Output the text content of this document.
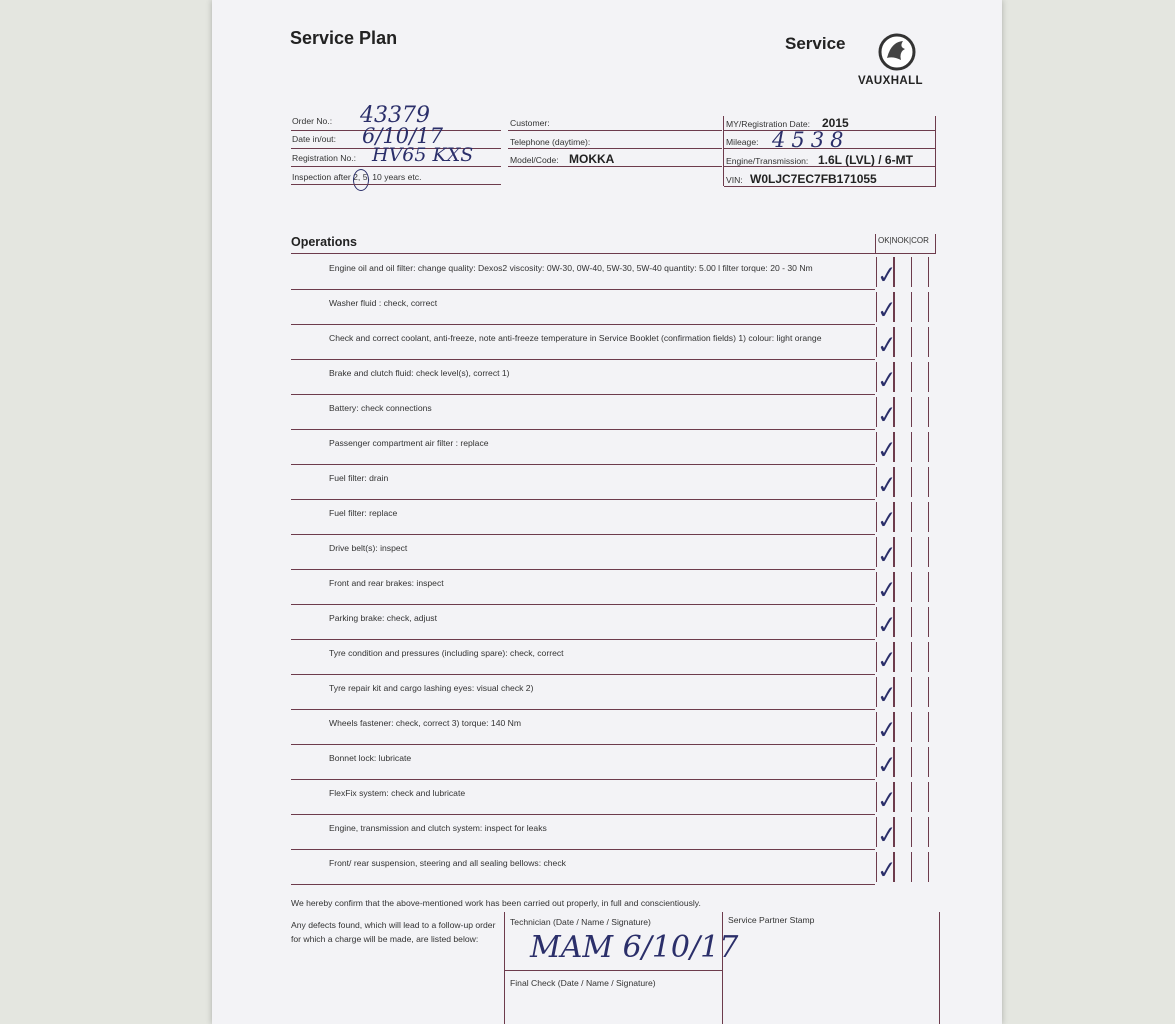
Service Plan	Service
VAUXHALL
Order No.: 43379
Date in/out: 6/10/17
Registration No.: HV65 KXS
Inspection after 2, 5, 10 years etc.
Customer:
Telephone (daytime):
Model/Code: MOKKA
MY/Registration Date: 2015
Mileage: 4538
Engine/Transmission: 1.6L (LVL) / 6-MT
VIN: W0LJC7EC7FB171055
Operations	OK|NOK|COR
Engine oil and oil filter: change quality: Dexos2 viscosity: 0W-30, 0W-40, 5W-30, 5W-40 quantity: 5.00 l filter torque: 20 - 30 Nm	✓
Washer fluid : check, correct	✓
Check and correct coolant, anti-freeze, note anti-freeze temperature in Service Booklet (confirmation fields) 1) colour: light orange	✓
Brake and clutch fluid: check level(s), correct 1)	✓
Battery: check connections	✓
Passenger compartment air filter : replace	✓
Fuel filter: drain	✓
Fuel filter: replace	✓
Drive belt(s): inspect	✓
Front and rear brakes: inspect	✓
Parking brake: check, adjust	✓
Tyre condition and pressures (including spare): check, correct	✓
Tyre repair kit and cargo lashing eyes: visual check 2)	✓
Wheels fastener: check, correct 3) torque: 140 Nm	✓
Bonnet lock: lubricate	✓
FlexFix system: check and lubricate	✓
Engine, transmission and clutch system: inspect for leaks	✓
Front/ rear suspension, steering and all sealing bellows: check	✓
We hereby confirm that the above-mentioned work has been carried out properly, in full and conscientiously.
Any defects found, which will lead to a follow-up order for which a charge will be made, are listed below:
Technician (Date / Name / Signature)
MAM 6/10/17
Final Check (Date / Name / Signature)
Service Partner Stamp
